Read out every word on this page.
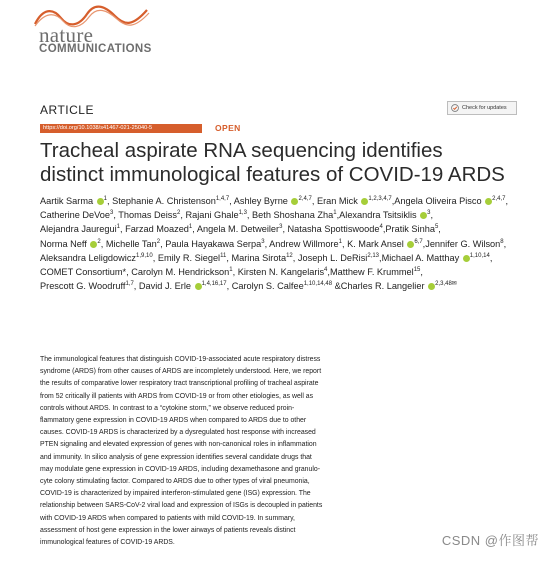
nature
COMMUNICATIONS
ARTICLE	Check for updates
https://doi.org/10.1038/s41467-021-25040-5	OPEN
Tracheal aspirate RNA sequencing identifies
distinct immunological features of COVID-19 ARDS

Aartik Sarma $^1$, Stephanie A. Christenson$^{1,4,7}$, Ashley Byrne $^{2,4,7}$, Eran Mick $^{1,2,3,4,7}$,Angela Oliveira Pisco $^{2,4,7}$,

Catherine DeVoe$^3$, Thomas Deiss$^2$, Rajani Ghale$^{1,3}$, Beth Shoshana Zha$^1$,Alexandra Tsitsiklis $^3$,

Alejandra Jauregui$^1$, Farzad Moazed$^1$, Angela M. Detweiler$^3$, Natasha Spottiswoode$^4$,Pratik Sinha$^5$,

Norma Neff $^2$, Michelle Tan$^2$, Paula Hayakawa Serpa$^3$, Andrew Willmore$^1$, K. Mark Ansel $^{6,7}$,Jennifer G. Wilson$^8$,

Aleksandra Leligdowicz$^{1,9,10}$, Emily R. Siegel$^{11}$, Marina Sirota$^{12}$, Joseph L. DeRisi$^{2,13}$,Michael A. Matthay $^{1,10,14}$,

COMET Consortium*, Carolyn M. Hendrickson$^1$, Kirsten N. Kangelaris$^4$,Matthew F. Krummel$^{15}$,

Prescott G. Woodruff$^{1,7}$, David J. Erle $^{1,4,16,17}$, Carolyn S. Calfee$^{1,10,14,48}$ &Charles R. Langelier $^{2,3,48✉}$

The immunological features that distinguish COVID-19-associated acute respiratory distress

syndrome (ARDS) from other causes of ARDS are incompletely understood. Here, we report

the results of comparative lower respiratory tract transcriptional profiling of tracheal aspirate

from 52 critically ill patients with ARDS from COVID-19 or from other etiologies, as well as

controls without ARDS. In contrast to a “cytokine storm,” we observe reduced proin-

flammatory gene expression in COVID-19 ARDS when compared to ARDS due to other

causes. COVID-19 ARDS is characterized by a dysregulated host response with increased

PTEN signaling and elevated expression of genes with non-canonical roles in inflammation

and immunity. In silico analysis of gene expression identifies several candidate drugs that

may modulate gene expression in COVID-19 ARDS, including dexamethasone and granulo-

cyte colony stimulating factor. Compared to ARDS due to other types of viral pneumonia,

COVID-19 is characterized by impaired interferon-stimulated gene (ISG) expression. The

relationship between SARS-CoV-2 viral load and expression of ISGs is decoupled in patients

with COVID-19 ARDS when compared to patients with mild COVID-19. In summary,

assessment of host gene expression in the lower airways of patients reveals distinct

immunological features of COVID-19 ARDS.	CSDN @作图帮
